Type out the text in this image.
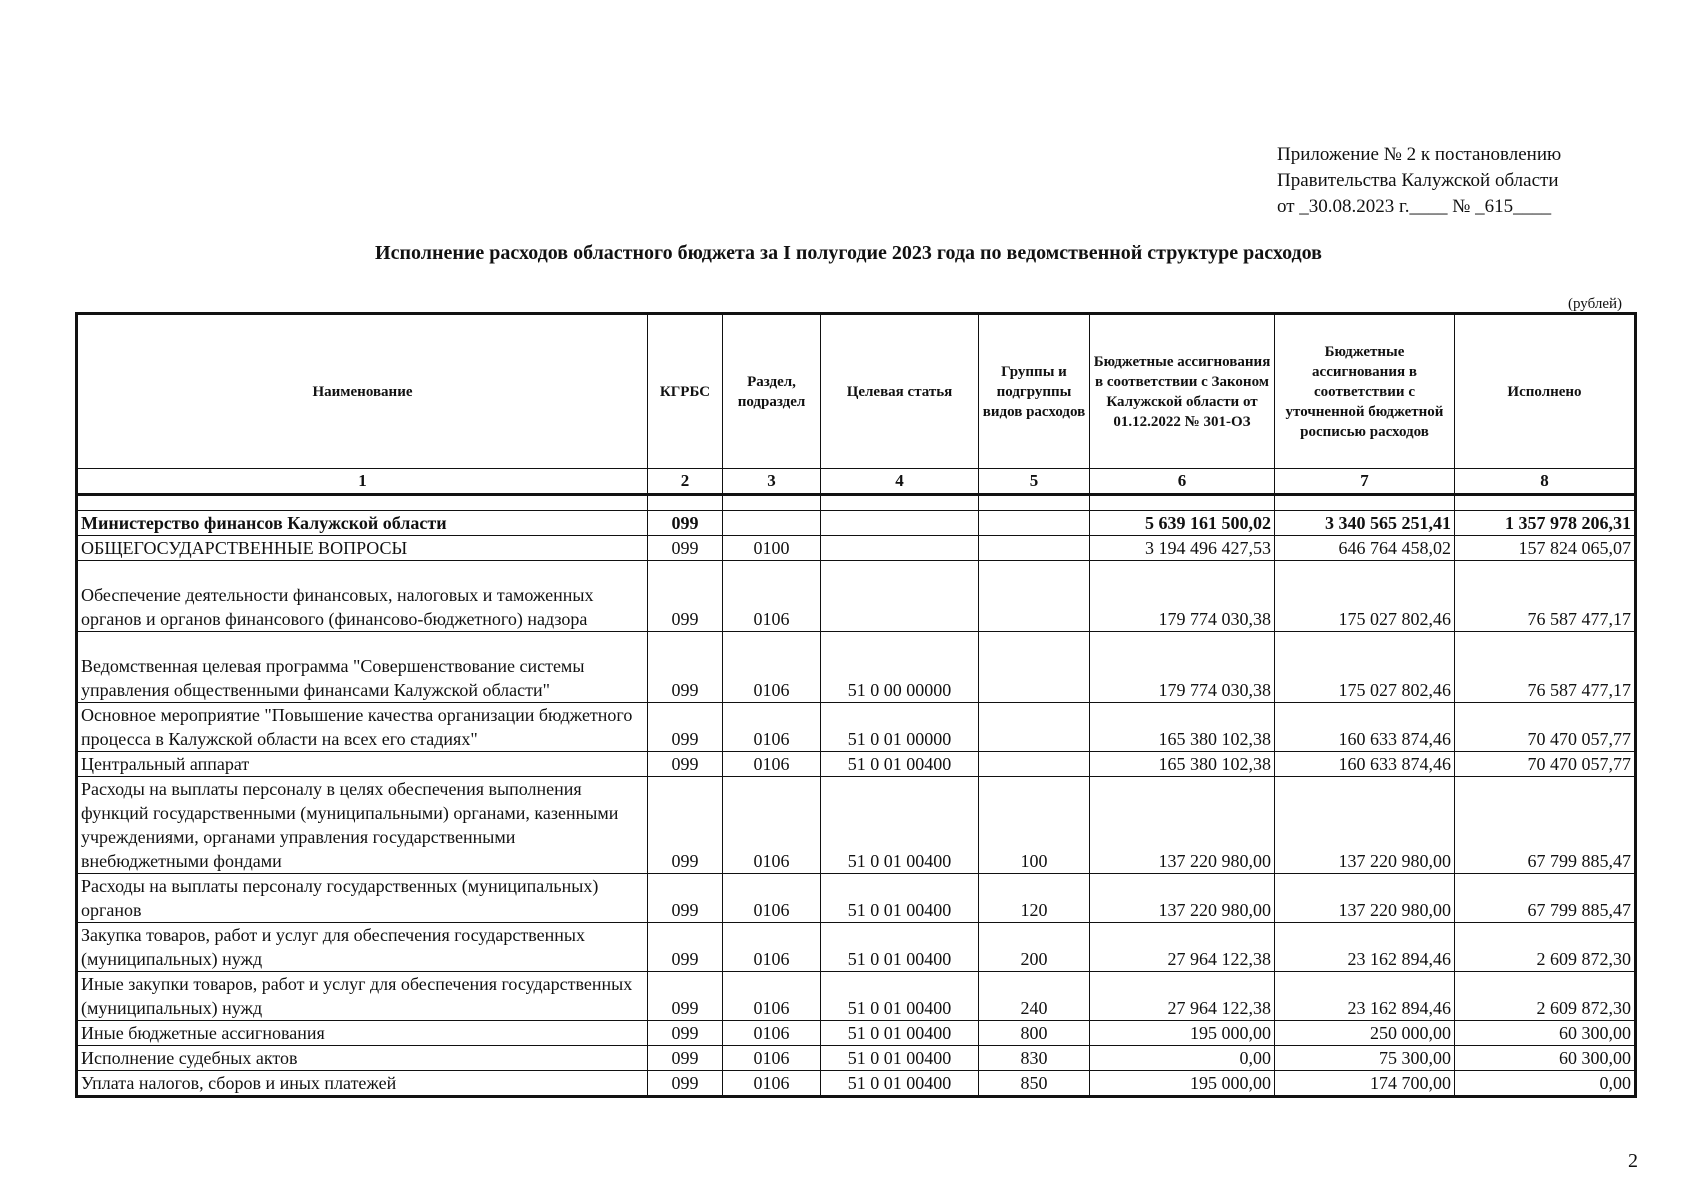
Приложение № 2 к постановлению
Правительства Калужской области
от _30.08.2023 г.____ № _615____
Исполнение расходов областного бюджета за I полугодие 2023 года по ведомственной структуре расходов
(рублей)
Наименование	КГРБС	Раздел, подраздел	Целевая статья	Группы и подгруппы видов расходов	Бюджетные ассигнования в соответствии с Законом Калужской области от 01.12.2022 № 301-ОЗ	Бюджетные ассигнования в соответствии с уточненной бюджетной росписью расходов	Исполнено
1	2	3	4	5	6	7	8

Министерство финансов Калужской области	099				5 639 161 500,02	3 340 565 251,41	1 357 978 206,31
ОБЩЕГОСУДАРСТВЕННЫЕ ВОПРОСЫ	099	0100			3 194 496 427,53	646 764 458,02	157 824 065,07
Обеспечение деятельности финансовых, налоговых и таможенных органов и органов финансового (финансово-бюджетного) надзора	099	0106			179 774 030,38	175 027 802,46	76 587 477,17
Ведомственная целевая программа "Совершенствование системы управления общественными финансами Калужской области"	099	0106	51 0 00 00000		179 774 030,38	175 027 802,46	76 587 477,17
Основное мероприятие "Повышение качества организации бюджетного процесса в Калужской области на всех его стадиях"	099	0106	51 0 01 00000		165 380 102,38	160 633 874,46	70 470 057,77
Центральный аппарат	099	0106	51 0 01 00400		165 380 102,38	160 633 874,46	70 470 057,77
Расходы на выплаты персоналу в целях обеспечения выполнения функций государственными (муниципальными) органами, казенными учреждениями, органами управления государственными внебюджетными фондами	099	0106	51 0 01 00400	100	137 220 980,00	137 220 980,00	67 799 885,47
Расходы на выплаты персоналу государственных (муниципальных) органов	099	0106	51 0 01 00400	120	137 220 980,00	137 220 980,00	67 799 885,47
Закупка товаров, работ и услуг для обеспечения государственных (муниципальных) нужд	099	0106	51 0 01 00400	200	27 964 122,38	23 162 894,46	2 609 872,30
Иные закупки товаров, работ и услуг для обеспечения государственных (муниципальных) нужд	099	0106	51 0 01 00400	240	27 964 122,38	23 162 894,46	2 609 872,30
Иные бюджетные ассигнования	099	0106	51 0 01 00400	800	195 000,00	250 000,00	60 300,00
Исполнение судебных актов	099	0106	51 0 01 00400	830	0,00	75 300,00	60 300,00
Уплата налогов, сборов и иных платежей	099	0106	51 0 01 00400	850	195 000,00	174 700,00	0,00
2
